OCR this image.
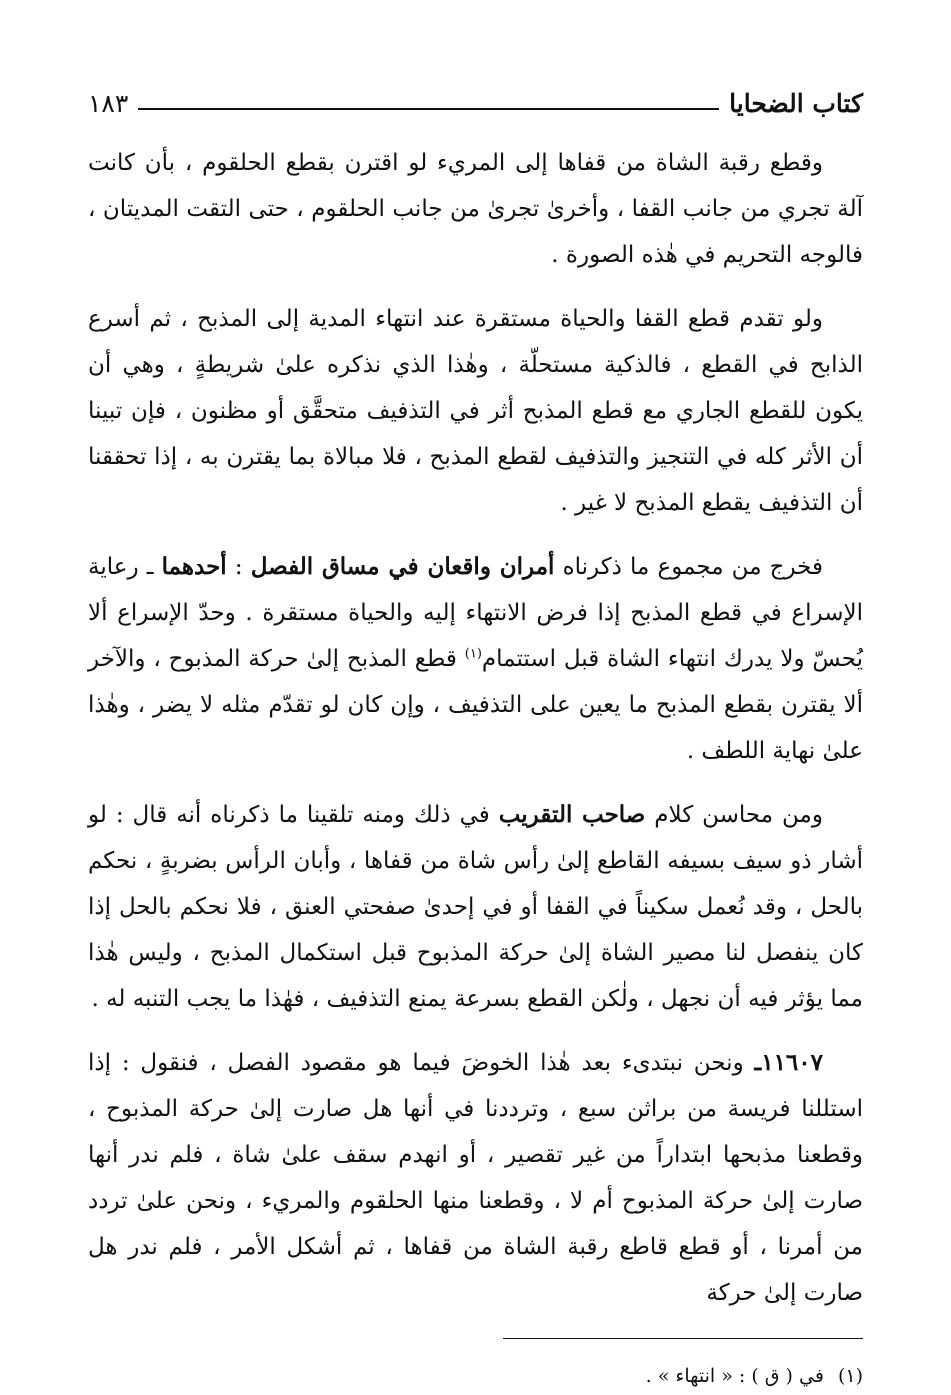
كتاب الضحايا
١٨٣

وقطع رقبة الشاة من قفاها إلى المريء لو اقترن بقطع الحلقوم ، بأن كانت آلة تجري من جانب القفا ، وأخرىٰ تجرىٰ من جانب الحلقوم ، حتى التقت المديتان ، فالوجه التحريم في هٰذه الصورة .

ولو تقدم قطع القفا والحياة مستقرة عند انتهاء المدية إلى المذبح ، ثم أسرع الذابح في القطع ، فالذكية مستحلّة ، وهٰذا الذي نذكره علىٰ شريطةٍ ، وهي أن يكون للقطع الجاري مع قطع المذبح أثر في التذفيف متحقَّق أو مظنون ، فإن تبينا أن الأثر كله في التنجيز والتذفيف لقطع المذبح ، فلا مبالاة بما يقترن به ، إذا تحققنا أن التذفيف يقطع المذبح لا غير .

فخرج من مجموع ما ذكرناه أمران واقعان في مساق الفصل : أحدهما ـ رعاية الإسراع في قطع المذبح إذا فرض الانتهاء إليه والحياة مستقرة . وحدّ الإسراع ألا يُحسّ ولا يدرك انتهاء الشاة قبل استتمام$^{(١)}$ قطع المذبح إلىٰ حركة المذبوح ، والآخر ألا يقترن بقطع المذبح ما يعين على التذفيف ، وإن كان لو تقدّم مثله لا يضر ، وهٰذا علىٰ نهاية اللطف .

ومن محاسن كلام صاحب التقريب في ذلك ومنه تلقينا ما ذكرناه أنه قال : لو أشار ذو سيف بسيفه القاطع إلىٰ رأس شاة من قفاها ، وأبان الرأس بضربةٍ ، نحكم بالحل ، وقد نُعمل سكيناً في القفا أو في إحدىٰ صفحتي العنق ، فلا نحكم بالحل إذا كان ينفصل لنا مصير الشاة إلىٰ حركة المذبوح قبل استكمال المذبح ، وليس هٰذا مما يؤثر فيه أن نجهل ، ولٰكن القطع بسرعة يمنع التذفيف ، فهٰذا ما يجب التنبه له .

١١٦٠٧ـ ونحن نبتدىء بعد هٰذا الخوضَ فيما هو مقصود الفصل ، فنقول : إذا استللنا فريسة من براثن سبع ، وترددنا في أنها هل صارت إلىٰ حركة المذبوح ، وقطعنا مذبحها ابتداراً من غير تقصير ، أو انهدم سقف علىٰ شاة ، فلم ندر أنها صارت إلىٰ حركة المذبوح أم لا ، وقطعنا منها الحلقوم والمريء ، ونحن علىٰ تردد من أمرنا ، أو قطع قاطع رقبة الشاة من قفاها ، ثم أشكل الأمر ، فلم ندر هل صارت إلىٰ حركة

(١)في ( ق ) : « انتهاء » .
